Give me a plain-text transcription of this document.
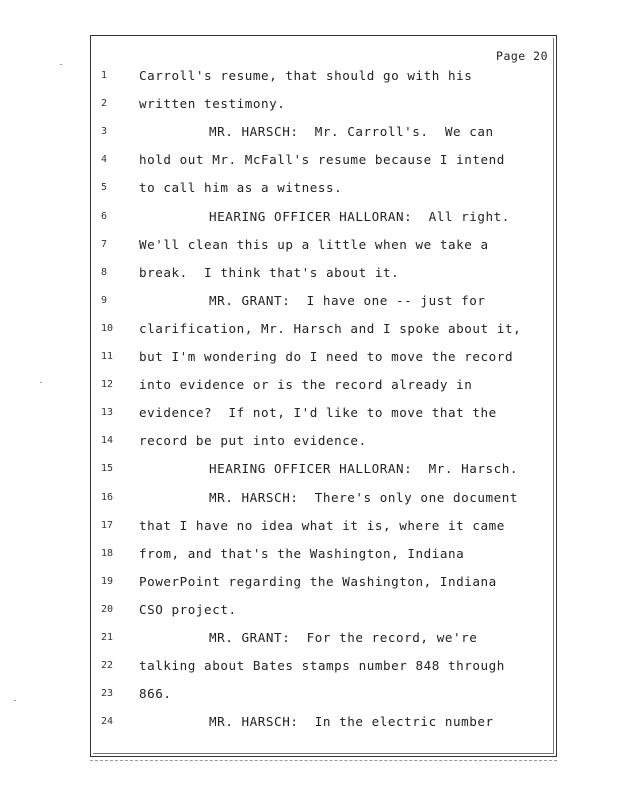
Page 20
1	Carroll's resume, that should go with his
2	written testimony.
3	MR. HARSCH:  Mr. Carroll's.  We can
4	hold out Mr. McFall's resume because I intend
5	to call him as a witness.
6	HEARING OFFICER HALLORAN:  All right.
7	We'll clean this up a little when we take a
8	break.  I think that's about it.
9	MR. GRANT:  I have one -- just for
10	clarification, Mr. Harsch and I spoke about it,
11	but I'm wondering do I need to move the record
12	into evidence or is the record already in
13	evidence?  If not, I'd like to move that the
14	record be put into evidence.
15	HEARING OFFICER HALLORAN:  Mr. Harsch.
16	MR. HARSCH:  There's only one document
17	that I have no idea what it is, where it came
18	from, and that's the Washington, Indiana
19	PowerPoint regarding the Washington, Indiana
20	CSO project.
21	MR. GRANT:  For the record, we're
22	talking about Bates stamps number 848 through
23	866.
24	MR. HARSCH:  In the electric number
